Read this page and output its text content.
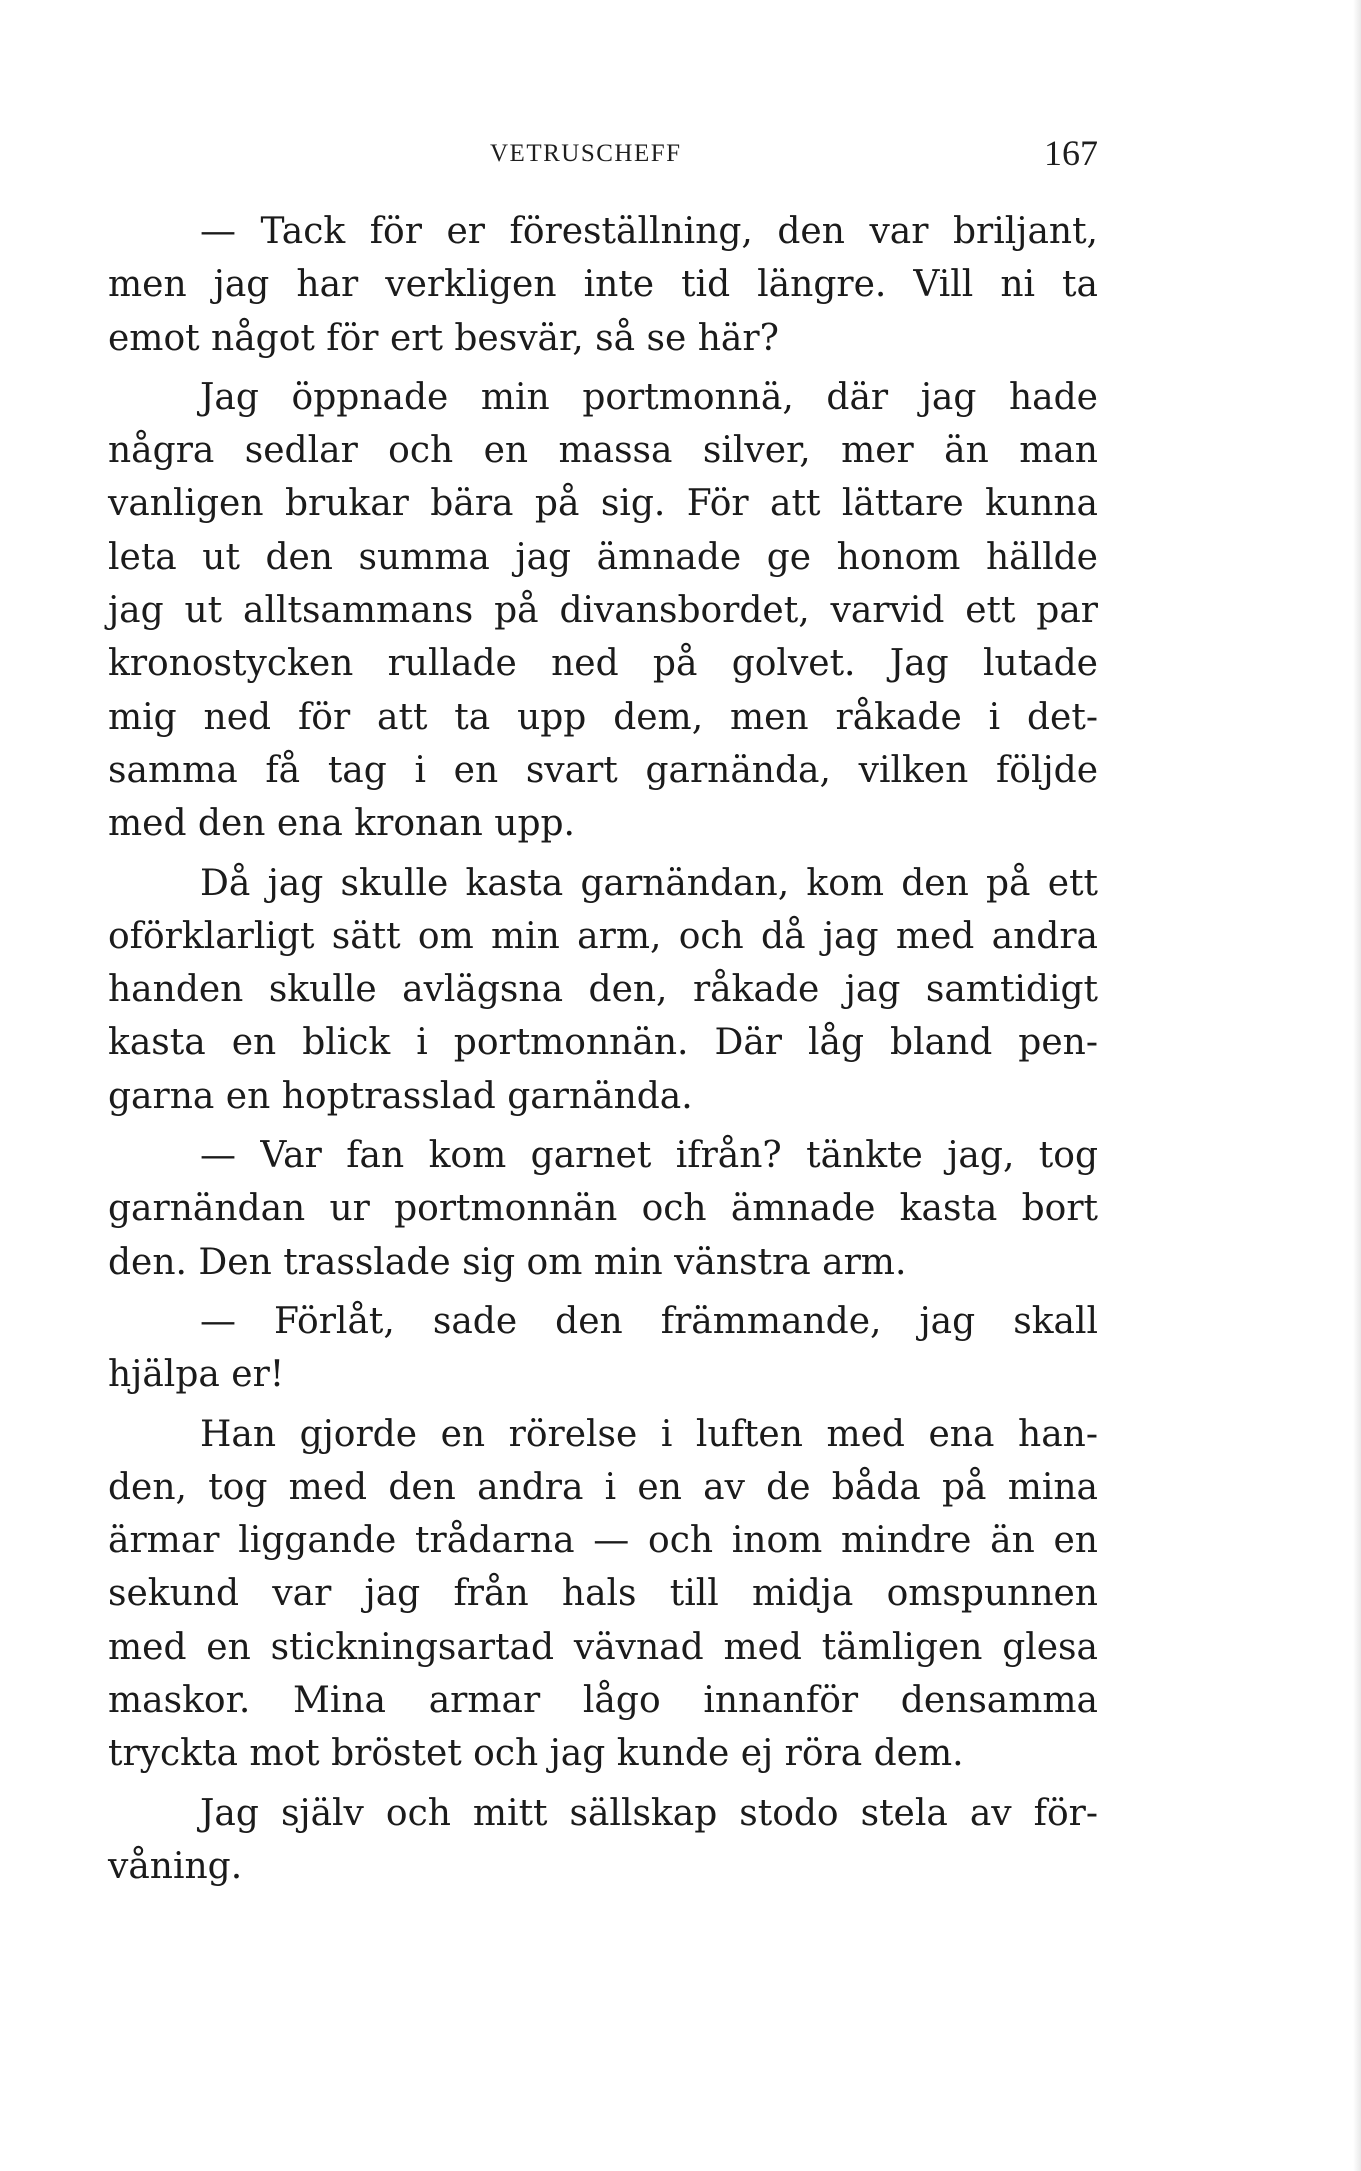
VETRUSCHEFF	167
— Tack för er föreställning, den var briljant,
men jag har verkligen inte tid längre. Vill ni ta
emot något för ert besvär, så se här?
Jag öppnade min portmonnä, där jag hade
några sedlar och en massa silver, mer än man
vanligen brukar bära på sig. För att lättare kunna
leta ut den summa jag ämnade ge honom hällde
jag ut alltsammans på divansbordet, varvid ett par
kronostycken rullade ned på golvet. Jag lutade
mig ned för att ta upp dem, men råkade i det-
samma få tag i en svart garnända, vilken följde
med den ena kronan upp.
Då jag skulle kasta garnändan, kom den på ett
oförklarligt sätt om min arm, och då jag med andra
handen skulle avlägsna den, råkade jag samtidigt
kasta en blick i portmonnän. Där låg bland pen-
garna en hoptrasslad garnända.
— Var fan kom garnet ifrån? tänkte jag, tog
garnändan ur portmonnän och ämnade kasta bort
den. Den trasslade sig om min vänstra arm.
— Förlåt, sade den främmande, jag skall
hjälpa er!
Han gjorde en rörelse i luften med ena han-
den, tog med den andra i en av de båda på mina
ärmar liggande trådarna — och inom mindre än en
sekund var jag från hals till midja omspunnen
med en stickningsartad vävnad med tämligen glesa
maskor. Mina armar lågo innanför densamma
tryckta mot bröstet och jag kunde ej röra dem.
Jag själv och mitt sällskap stodo stela av för-
våning.
